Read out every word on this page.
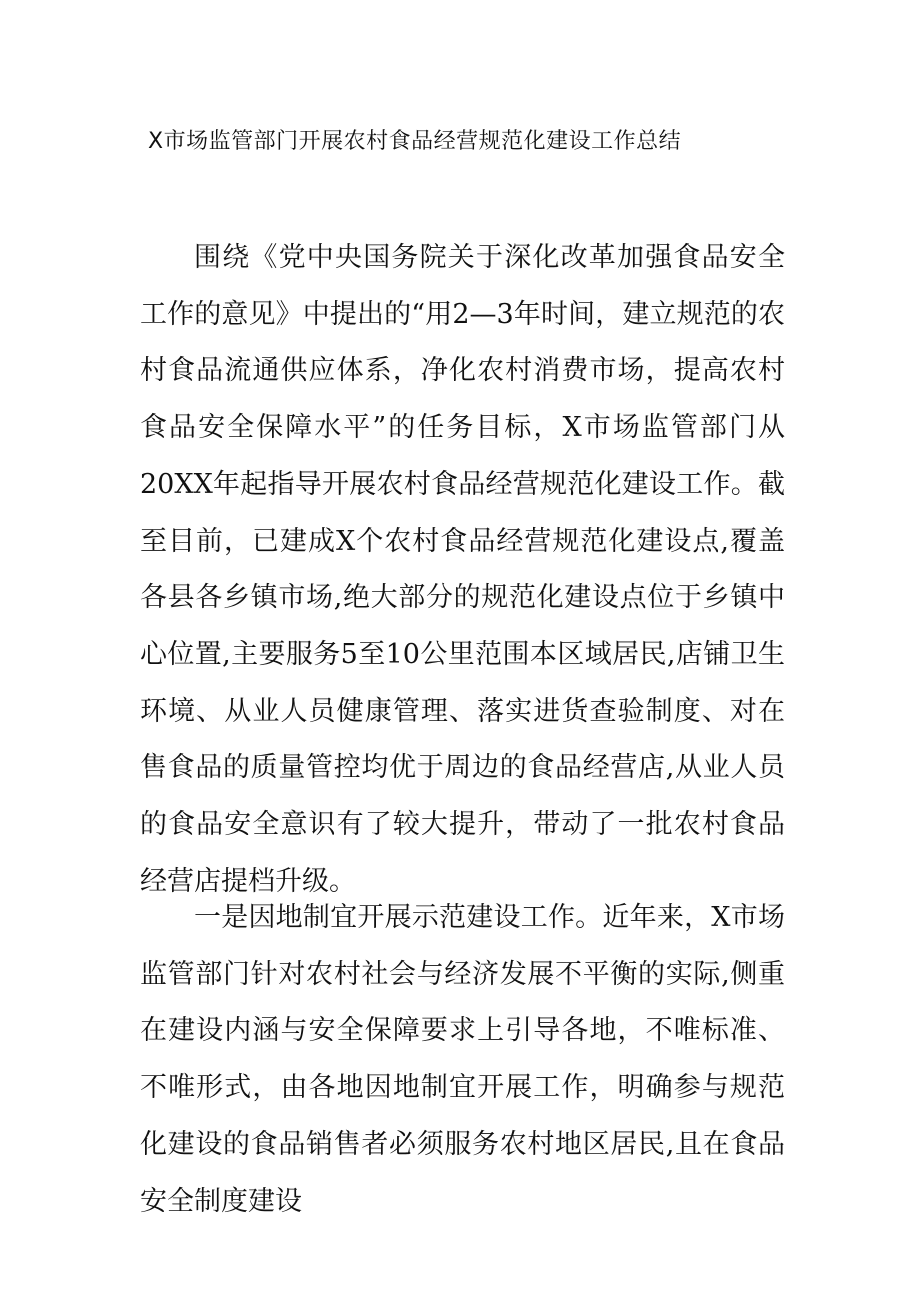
X市场监管部门开展农村食品经营规范化建设工作总结

围绕《党中央国务院关于深化改革加强食品安全工作的意见》中提出的“用2—3年时间，建立规范的农村食品流通供应体系，净化农村消费市场，提高农村食品安全保障水平”的任务目标，X市场监管部门从20XX年起指导开展农村食品经营规范化建设工作。截至目前，已建成X个农村食品经营规范化建设点,覆盖各县各乡镇市场,绝大部分的规范化建设点位于乡镇中心位置,主要服务5至10公里范围本区域居民,店铺卫生环境、从业人员健康管理、落实进货查验制度、对在售食品的质量管控均优于周边的食品经营店,从业人员的食品安全意识有了较大提升，带动了一批农村食品经营店提档升级。

一是因地制宜开展示范建设工作。近年来，X市场监管部门针对农村社会与经济发展不平衡的实际,侧重在建设内涵与安全保障要求上引导各地，不唯标准、不唯形式，由各地因地制宜开展工作，明确参与规范化建设的食品销售者必须服务农村地区居民,且在食品安全制度建设
